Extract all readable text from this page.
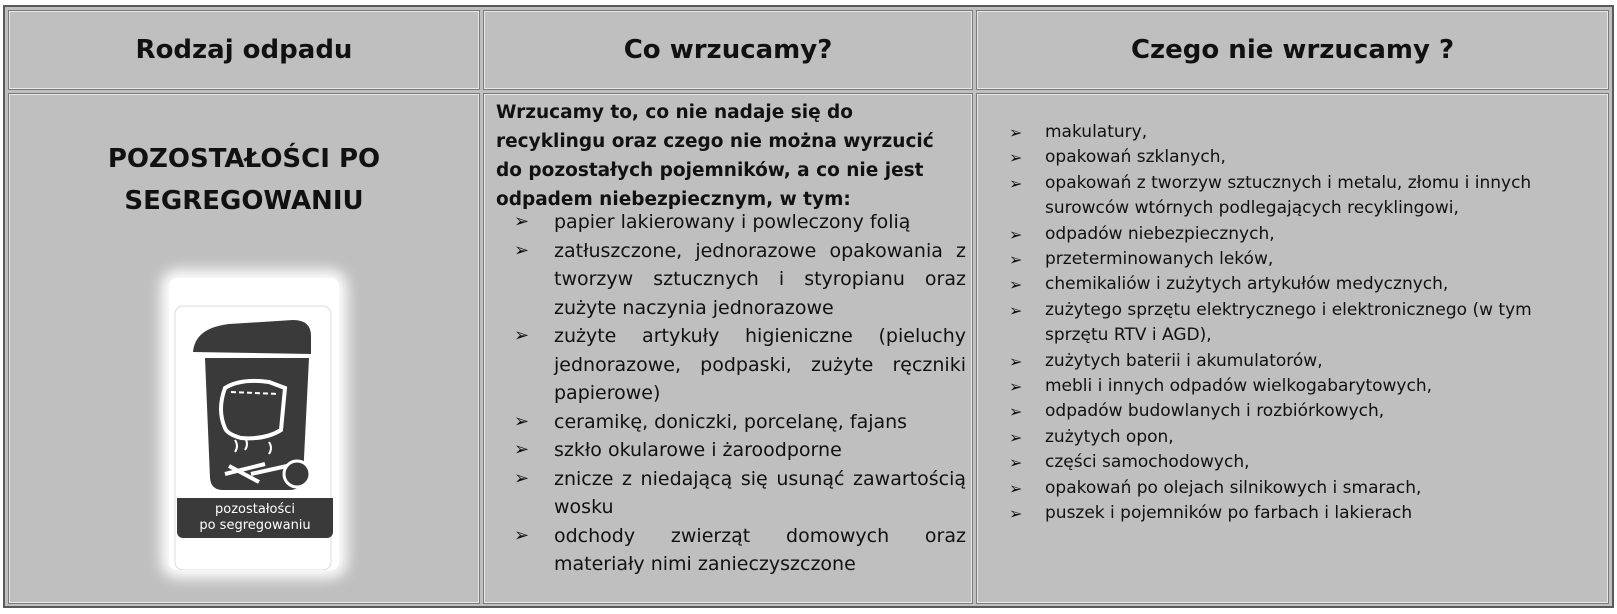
Rodzaj odpadu	Co wrzucamy?	Czego nie wrzucamy ?
POZOSTAŁOŚCI PO
SEGREGOWANIU
pozostałości
po segregowaniu
Wrzucamy to, co nie nadaje się do recyklingu oraz czego nie można wyrzucić do pozostałych pojemników, a co nie jest odpadem niebezpiecznym, w tym:
➢ papier lakierowany i powleczony folią
➢ zatłuszczone, jednorazowe opakowania z tworzyw sztucznych i styropianu oraz zużyte naczynia jednorazowe
➢ zużyte artykuły higieniczne (pieluchy jednorazowe, podpaski, zużyte ręczniki papierowe)
➢ ceramikę, doniczki, porcelanę, fajans
➢ szkło okularowe i żaroodporne
➢ znicze z niedającą się usunąć zawartością wosku
➢ odchody zwierząt domowych oraz materiały nimi zanieczyszczone
➢ makulatury,
➢ opakowań szklanych,
➢ opakowań z tworzyw sztucznych i metalu, złomu i innych surowców wtórnych podlegających recyklingowi,
➢ odpadów niebezpiecznych,
➢ przeterminowanych leków,
➢ chemikaliów i zużytych artykułów medycznych,
➢ zużytego sprzętu elektrycznego i elektronicznego (w tym sprzętu RTV i AGD),
➢ zużytych baterii i akumulatorów,
➢ mebli i innych odpadów wielkogabarytowych,
➢ odpadów budowlanych i rozbiórkowych,
➢ zużytych opon,
➢ części samochodowych,
➢ opakowań po olejach silnikowych i smarach,
➢ puszek i pojemników po farbach i lakierach
